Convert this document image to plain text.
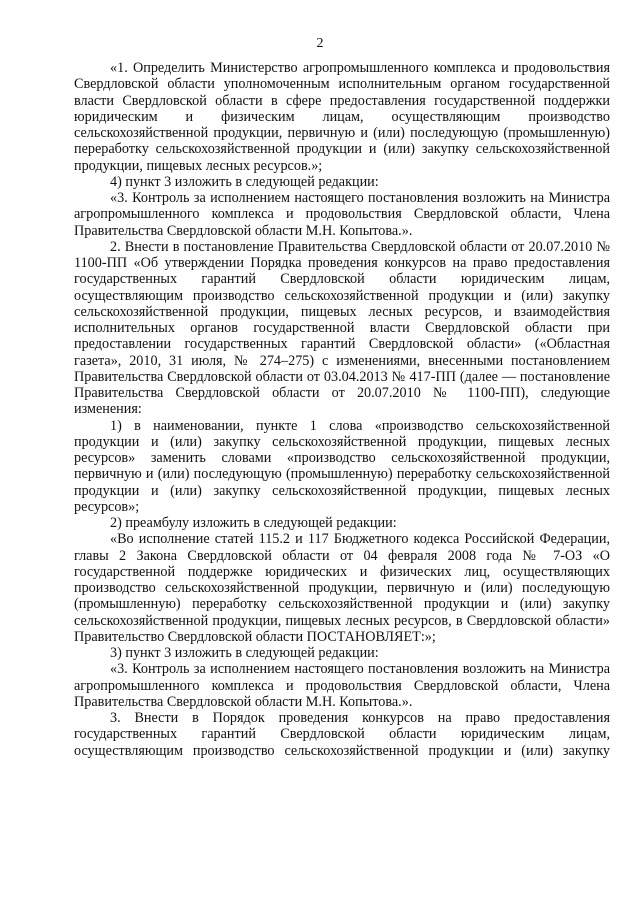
2

«1. Определить Министерство агропромышленного комплекса и продовольствия Свердловской области уполномоченным исполнительным органом государственной власти Свердловской области в сфере предоставления государственной поддержки юридическим и физическим лицам, осуществляющим производство сельскохозяйственной продукции, первичную и (или) последующую (промышленную) переработку сельскохозяйственной продукции и (или) закупку сельскохозяйственной продукции, пищевых лесных ресурсов.»;

4) пункт 3 изложить в следующей редакции:

«3. Контроль за исполнением настоящего постановления возложить на Министра агропромышленного комплекса и продовольствия Свердловской области, Члена Правительства Свердловской области М.Н. Копытова.».

2. Внести в постановление Правительства Свердловской области от 20.07.2010 № 1100-ПП «Об утверждении Порядка проведения конкурсов на право предоставления государственных гарантий Свердловской области юридическим лицам, осуществляющим производство сельскохозяйственной продукции и (или) закупку сельскохозяйственной продукции, пищевых лесных ресурсов, и взаимодействия исполнительных органов государственной власти Свердловской области при предоставлении государственных гарантий Свердловской области» («Областная газета», 2010, 31 июля, № 274–275) с изменениями, внесенными постановлением Правительства Свердловской области от 03.04.2013 № 417-ПП (далее — постановление Правительства Свердловской области от 20.07.2010 № 1100-ПП), следующие изменения:

1) в наименовании, пункте 1 слова «производство сельскохозяйственной продукции и (или) закупку сельскохозяйственной продукции, пищевых лесных ресурсов» заменить словами «производство сельскохозяйственной продукции, первичную и (или) последующую (промышленную) переработку сельскохозяйственной продукции и (или) закупку сельскохозяйственной продукции, пищевых лесных ресурсов»;

2) преамбулу изложить в следующей редакции:

«Во исполнение статей 115.2 и 117 Бюджетного кодекса Российской Федерации, главы 2 Закона Свердловской области от 04 февраля 2008 года № 7-ОЗ «О государственной поддержке юридических и физических лиц, осуществляющих производство сельскохозяйственной продукции, первичную и (или) последующую (промышленную) переработку сельскохозяйственной продукции и (или) закупку сельскохозяйственной продукции, пищевых лесных ресурсов, в Свердловской области» Правительство Свердловской области ПОСТАНОВЛЯЕТ:»;

3) пункт 3 изложить в следующей редакции:

«3. Контроль за исполнением настоящего постановления возложить на Министра агропромышленного комплекса и продовольствия Свердловской области, Члена Правительства Свердловской области М.Н. Копытова.».

3. Внести в Порядок проведения конкурсов на право предоставления государственных гарантий Свердловской области юридическим лицам, осуществляющим производство сельскохозяйственной продукции и (или) закупку
